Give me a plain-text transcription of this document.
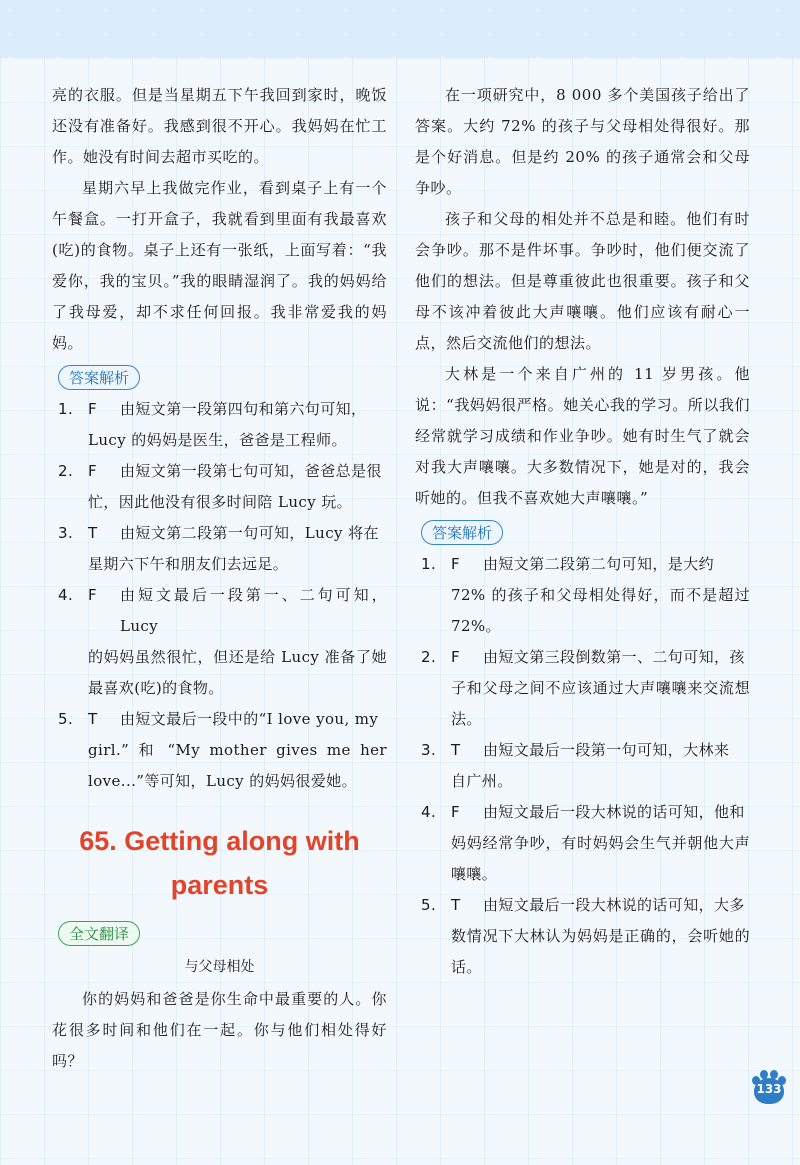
亮的衣服。但是当星期五下午我回到家时，晚饭还没有准备好。我感到很不开心。我妈妈在忙工作。她没有时间去超市买吃的。

星期六早上我做完作业，看到桌子上有一个午餐盒。一打开盒子，我就看到里面有我最喜欢(吃)的食物。桌子上还有一张纸，上面写着：“我爱你，我的宝贝。”我的眼睛湿润了。我的妈妈给了我母爱，却不求任何回报。我非常爱我的妈妈。

答案解析
1. F	由短文第一段第四句和第六句可知，
Lucy 的妈妈是医生，爸爸是工程师。
2. F	由短文第一段第七句可知，爸爸总是很
忙，因此他没有很多时间陪 Lucy 玩。
3. T	由短文第二段第一句可知，Lucy 将在
星期六下午和朋友们去远足。
4. F	由短文最后一段第一、二句可知，Lucy
的妈妈虽然很忙，但还是给 Lucy 准备了她最喜欢(吃)的食物。
5. T	由短文最后一段中的“I love you, my
girl.” 和 “My mother gives me her love...”等可知，Lucy 的妈妈很爱她。
65. Getting along with
parents
全文翻译
与父母相处

你的妈妈和爸爸是你生命中最重要的人。你花很多时间和他们在一起。你与他们相处得好吗？

在一项研究中，8 000 多个美国孩子给出了答案。大约 72% 的孩子与父母相处得很好。那是个好消息。但是约 20% 的孩子通常会和父母争吵。

孩子和父母的相处并不总是和睦。他们有时会争吵。那不是件坏事。争吵时，他们便交流了他们的想法。但是尊重彼此也很重要。孩子和父母不该冲着彼此大声嚷嚷。他们应该有耐心一点，然后交流他们的想法。

大林是一个来自广州的 11 岁男孩。他说：“我妈妈很严格。她关心我的学习。所以我们经常就学习成绩和作业争吵。她有时生气了就会对我大声嚷嚷。大多数情况下，她是对的，我会听她的。但我不喜欢她大声嚷嚷。”

答案解析
1. F	由短文第二段第二句可知，是大约
72% 的孩子和父母相处得好，而不是超过 72%。
2. F	由短文第三段倒数第一、二句可知，孩
子和父母之间不应该通过大声嚷嚷来交流想法。
3. T	由短文最后一段第一句可知，大林来
自广州。
4. F	由短文最后一段大林说的话可知，他和
妈妈经常争吵，有时妈妈会生气并朝他大声嚷嚷。
5. T	由短文最后一段大林说的话可知，大多
数情况下大林认为妈妈是正确的，会听她的话。
133
